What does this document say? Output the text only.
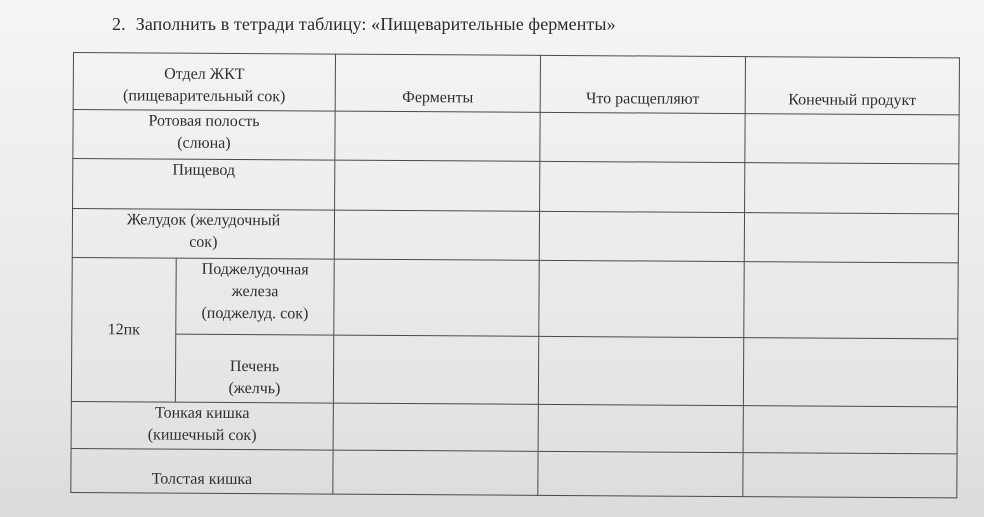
2. Заполнить в тетради таблицу: «Пищеварительные ферменты»
Отдел ЖКТ
(пищеварительный сок)		Ферменты	Что расщепляют	Конечный продукт

Ротовая полость
(слюна)				

Пищевод				

Желудок (желудочный
сок)				

12пк	Поджелудочная
железа
(поджелуд. сок)			

	Печень
(желчь)			

Тонкая кишка
(кишечный сок)				

Толстая кишка				
